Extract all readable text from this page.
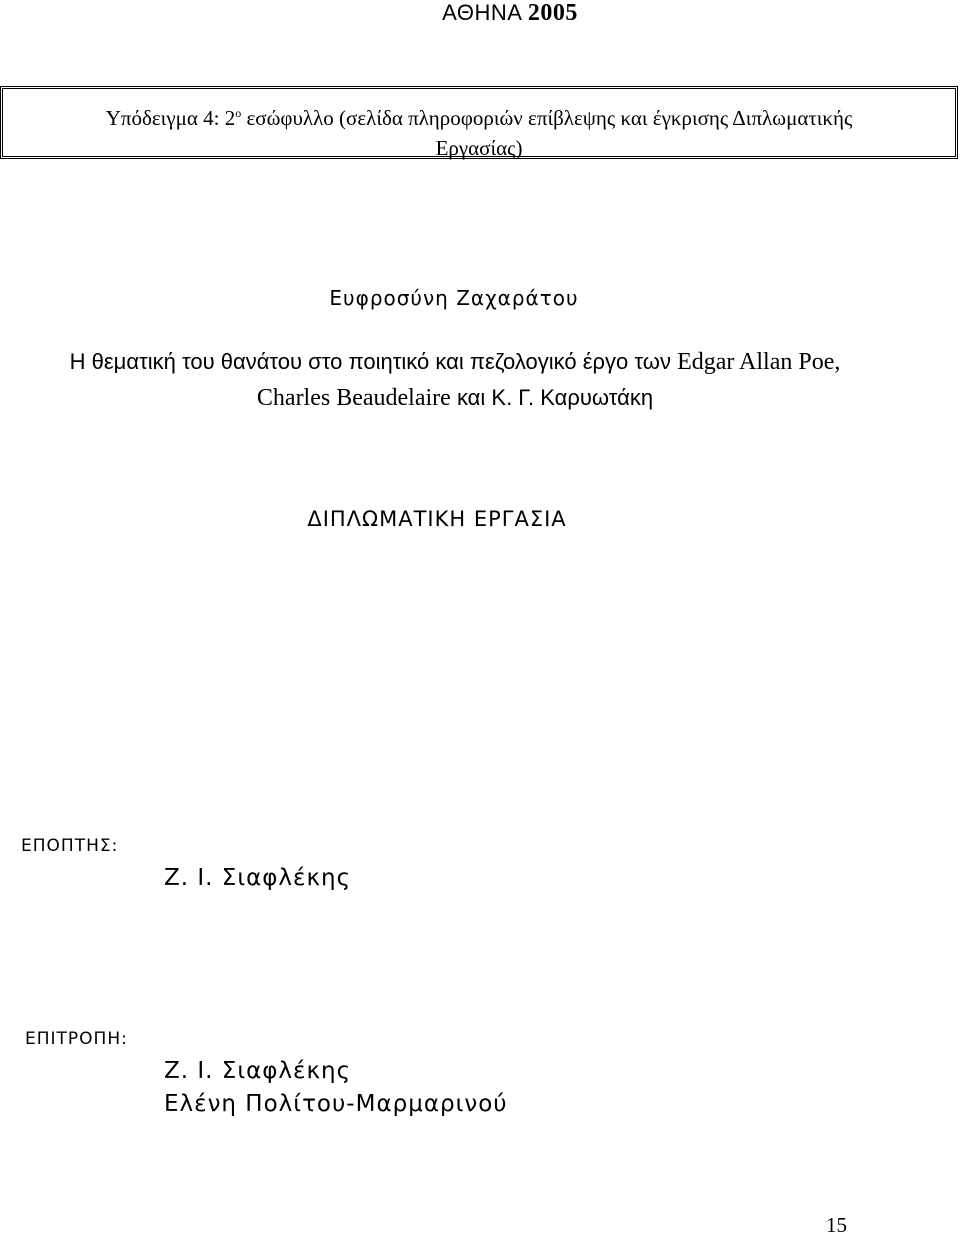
ΑΘΗΝΑ 2005
Υπόδειγμα 4: $2^o$ εσώφυλλο (σελίδα πληροφοριών επίβλεψης και έγκρισης Διπλωματικής
Εργασίας)
Ευφροσύνη Ζαχαράτου
Η θεματική του θανάτου στο ποιητικό και πεζολογικό έργο των Edgar Allan Poe,
Charles Beaudelaire και Κ. Γ. Καρυωτάκη
ΔΙΠΛΩΜΑΤΙΚΗ ΕΡΓΑΣΙΑ
ΕΠΟΠΤΗΣ:
Ζ. Ι. Σιαφλέκης
ΕΠΙΤΡΟΠΗ:
Ζ. Ι. Σιαφλέκης
Ελένη Πολίτου-Μαρμαρινού
15
